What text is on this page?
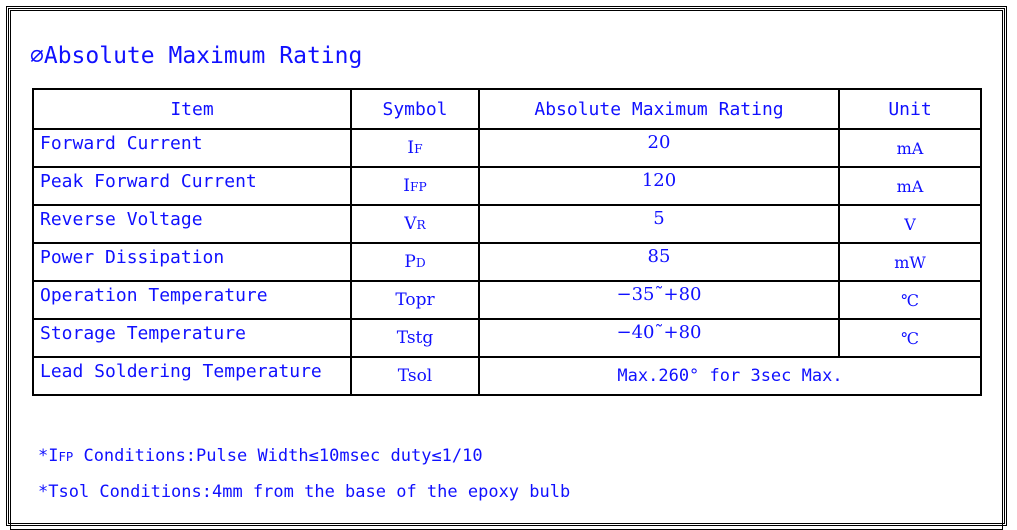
∅Absolute Maximum Rating
Item	Symbol	Absolute Maximum Rating	Unit
Forward Current	IF	20	mA
Peak Forward Current	IFP	120	mA
Reverse Voltage	VR	5	V
Power Dissipation	PD	85	mW
Operation Temperature	Topr	−35˜+80	℃
Storage Temperature	Tstg	−40˜+80	℃
Lead Soldering Temperature	Tsol	Max.260° for 3sec Max.	

*IFP Conditions:Pulse Width≤10msec duty≤1/10

*Tsol Conditions:4mm from the base of the epoxy bulb
